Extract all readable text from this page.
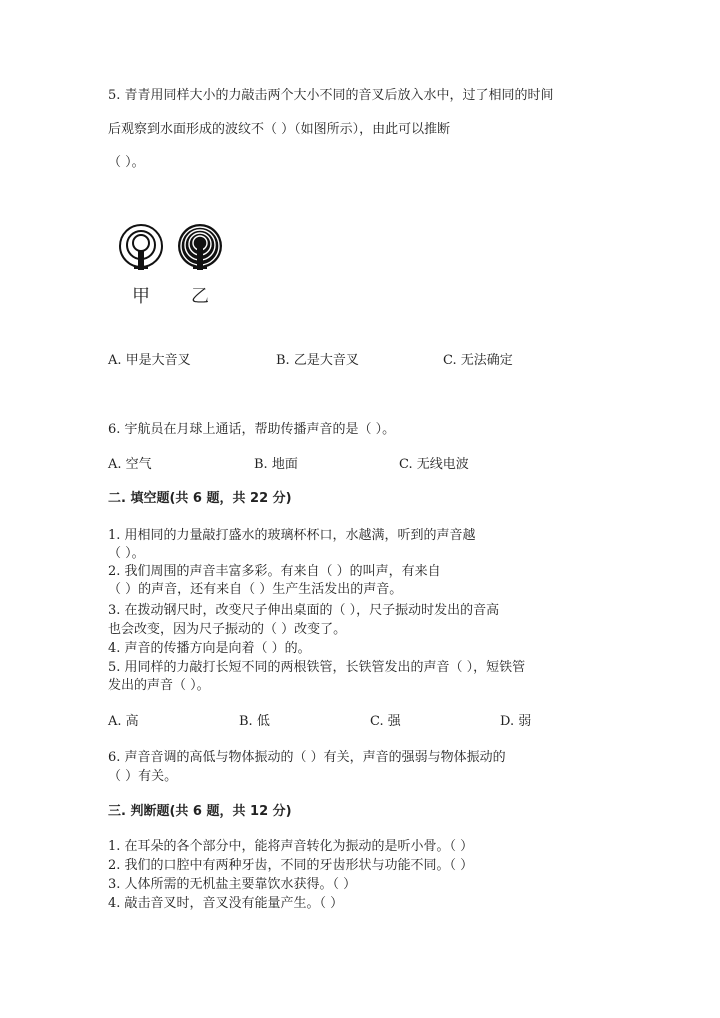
5. 青青用同样大小的力敲击两个大小不同的音叉后放入水中，过了相同的时间
后观察到水面形成的波纹不（ ）（如图所示），由此可以推断
（ ）。
甲 乙
A. 甲是大音叉	B. 乙是大音叉	C. 无法确定
6. 宇航员在月球上通话，帮助传播声音的是（ ）。
A. 空气	B. 地面	C. 无线电波
二. 填空题(共 6 题，共 22 分)
1. 用相同的力量敲打盛水的玻璃杯杯口，水越满，听到的声音越
（ ）。
2. 我们周围的声音丰富多彩。有来自（ ）的叫声，有来自
（ ）的声音，还有来自（ ）生产生活发出的声音。
3. 在拨动钢尺时，改变尺子伸出桌面的（ ），尺子振动时发出的音高
也会改变，因为尺子振动的（ ）改变了。
4. 声音的传播方向是向着（ ）的。
5. 用同样的力敲打长短不同的两根铁管，长铁管发出的声音（ ），短铁管
发出的声音（ ）。
A. 高	B. 低	C. 强	D. 弱
6. 声音音调的高低与物体振动的（ ）有关，声音的强弱与物体振动的
（ ）有关。
三. 判断题(共 6 题，共 12 分)
1. 在耳朵的各个部分中，能将声音转化为振动的是听小骨。（ ）
2. 我们的口腔中有两种牙齿，不同的牙齿形状与功能不同。（ ）
3. 人体所需的无机盐主要靠饮水获得。（ ）
4. 敲击音叉时，音叉没有能量产生。（ ）
